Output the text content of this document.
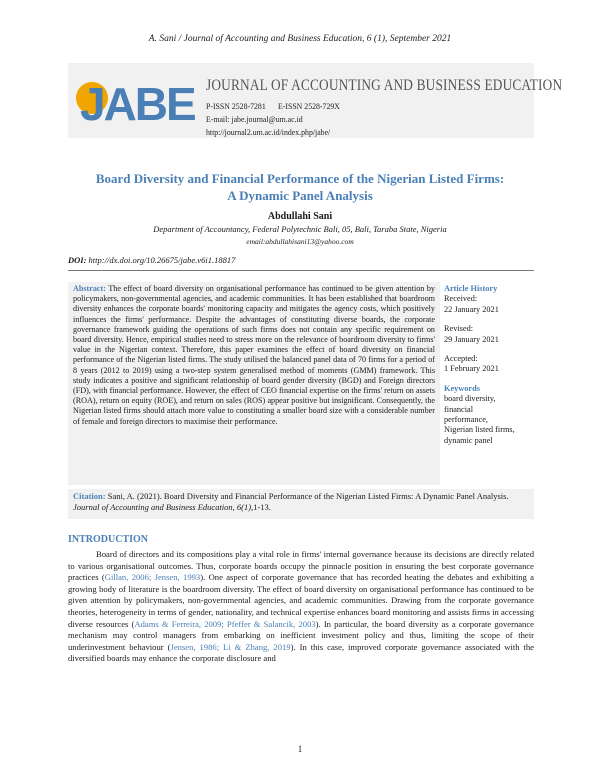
A. Sani / Journal of Accounting and Business Education, 6 (1), September 2021
JABE JOURNAL OF ACCOUNTING AND BUSINESS EDUCATION
P-ISSN 2528-7281 E-ISSN 2528-729X
E-mail: jabe.journal@um.ac.id
http://journal2.um.ac.id/index.php/jabe/
Board Diversity and Financial Performance of the Nigerian Listed Firms: A Dynamic Panel Analysis
Abdullahi Sani
Department of Accountancy, Federal Polytechnic Bali, 05, Bali, Taraba State, Nigeria
email:abdullahisani13@yahoo.com
DOI: http://dx.doi.org/10.26675/jabe.v6i1.18817
Abstract: The effect of board diversity on organisational performance has continued to be given attention by policymakers, non-governmental agencies, and academic communities. It has been established that boardroom diversity enhances the corporate boards' monitoring capacity and mitigates the agency costs, which positively influences the firms' performance. Despite the advantages of constituting diverse boards, the corporate governance framework guiding the operations of such firms does not contain any specific requirement on board diversity. Hence, empirical studies need to stress more on the relevance of boardroom diversity to firms' value in the Nigerian context. Therefore, this paper examines the effect of board diversity on financial performance of the Nigerian listed firms. The study utilised the balanced panel data of 70 firms for a period of 8 years (2012 to 2019) using a two-step system generalised method of moments (GMM) framework. This study indicates a positive and significant relationship of board gender diversity (BGD) and Foreign directors (FD), with financial performance. However, the effect of CEO financial expertise on the firms' return on assets (ROA), return on equity (ROE), and return on sales (ROS) appear positive but insignificant. Consequently, the Nigerian listed firms should attach more value to constituting a smaller board size with a considerable number of female and foreign directors to maximise their performance.
Article History
Received:
22 January 2021
Revised:
29 January 2021
Accepted:
1 February 2021
Keywords
board diversity,
financial
performance,
Nigerian listed firms,
dynamic panel
Citation: Sani, A. (2021). Board Diversity and Financial Performance of the Nigerian Listed Firms: A Dynamic Panel Analysis. Journal of Accounting and Business Education, 6(1),1-13.
INTRODUCTION
Board of directors and its compositions play a vital role in firms' internal governance because its decisions are directly related to various organisational outcomes. Thus, corporate boards occupy the pinnacle position in ensuring the best corporate governance practices (Gillan, 2006; Jensen, 1993). One aspect of corporate governance that has recorded heating the debates and exhibiting a growing body of literature is the boardroom diversity. The effect of board diversity on organisational performance has continued to be given attention by policymakers, non-governmental agencies, and academic communities. Drawing from the corporate governance theories, heterogeneity in terms of gender, nationality, and technical expertise enhances board monitoring and assists firms in accessing diverse resources (Adams & Ferreira, 2009; Pfeffer & Salancik, 2003). In particular, the board diversity as a corporate governance mechanism may control managers from embarking on inefficient investment policy and thus, limiting the scope of their underinvestment behaviour (Jensen, 1986; Li & Zhang, 2019). In this case, improved corporate governance associated with the diversified boards may enhance the corporate disclosure and
1
